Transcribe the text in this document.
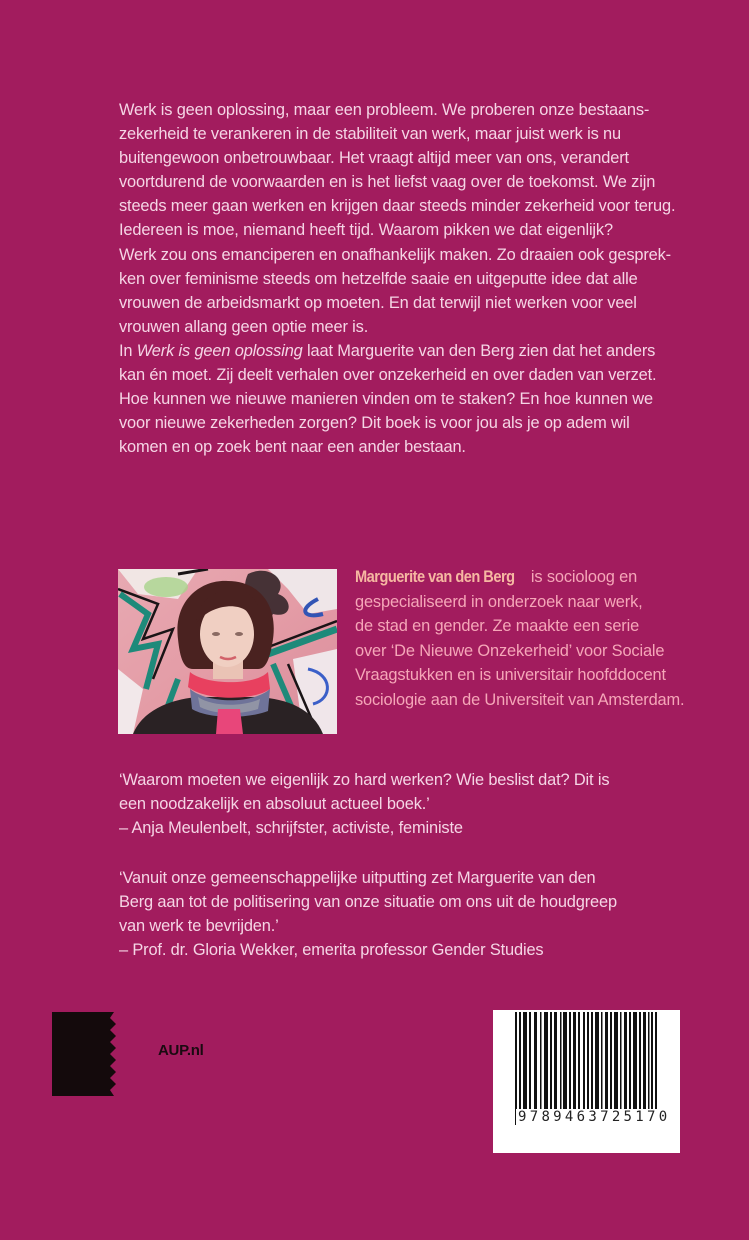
Werk is geen oplossing, maar een probleem. We proberen onze bestaans-
zekerheid te verankeren in de stabiliteit van werk, maar juist werk is nu
buitengewoon onbetrouwbaar. Het vraagt altijd meer van ons, verandert
voortdurend de voorwaarden en is het liefst vaag over de toekomst. We zijn
steeds meer gaan werken en krijgen daar steeds minder zekerheid voor terug.
Iedereen is moe, niemand heeft tijd. Waarom pikken we dat eigenlijk?
Werk zou ons emanciperen en onafhankelijk maken. Zo draaien ook gesprek-
ken over feminisme steeds om hetzelfde saaie en uitgeputte idee dat alle
vrouwen de arbeidsmarkt op moeten. En dat terwijl niet werken voor veel
vrouwen allang geen optie meer is.
In Werk is geen oplossing laat Marguerite van den Berg zien dat het anders
kan én moet. Zij deelt verhalen over onzekerheid en over daden van verzet.
Hoe kunnen we nieuwe manieren vinden om te staken? En hoe kunnen we
voor nieuwe zekerheden zorgen? Dit boek is voor jou als je op adem wil
komen en op zoek bent naar een ander bestaan.
Marguerite van den Berg is socioloog en
gespecialiseerd in onderzoek naar werk,
de stad en gender. Ze maakte een serie
over ‘De Nieuwe Onzekerheid’ voor Sociale
Vraagstukken en is universitair hoofddocent
sociologie aan de Universiteit van Amsterdam.
‘Waarom moeten we eigenlijk zo hard werken? Wie beslist dat? Dit is
een noodzakelijk en absoluut actueel boek.’
– Anja Meulenbelt, schrijfster, activiste, feministe
‘Vanuit onze gemeenschappelijke uitputting zet Marguerite van den
Berg aan tot de politisering van onze situatie om ons uit de houdgreep
van werk te bevrijden.’
– Prof. dr. Gloria Wekker, emerita professor Gender Studies
AUP.nl
9789463725170
